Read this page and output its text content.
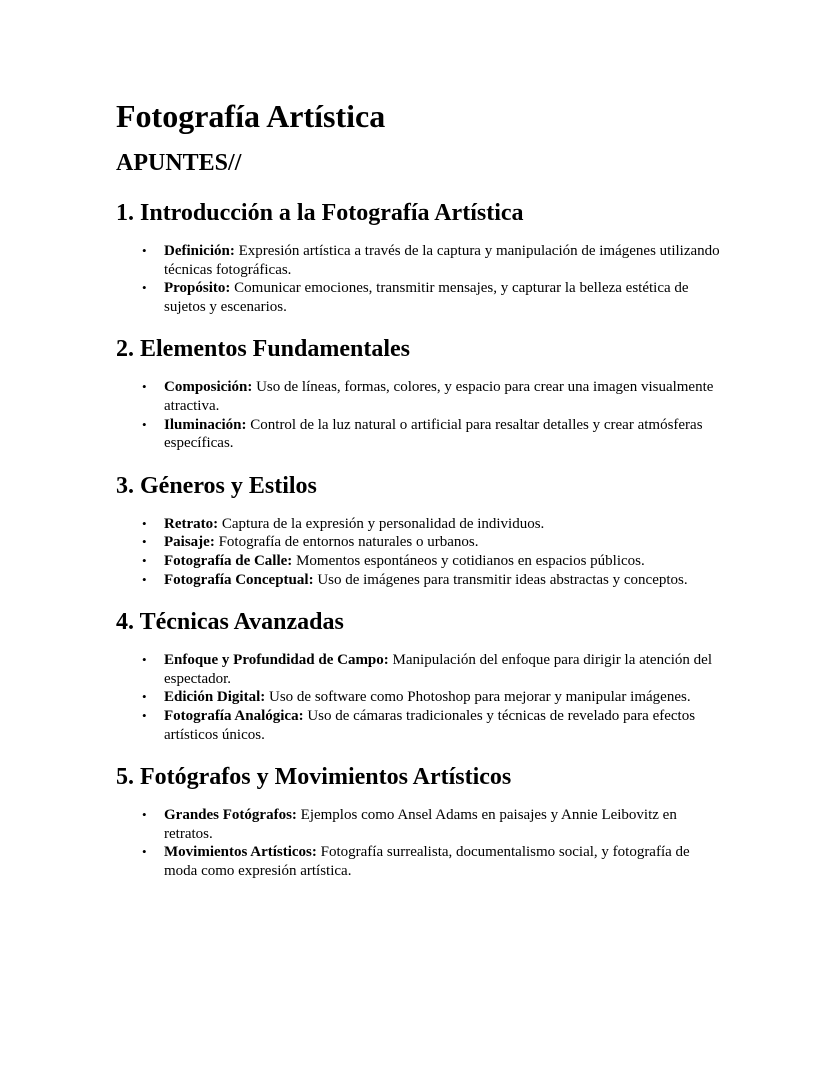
Fotografía Artística
APUNTES//
1. Introducción a la Fotografía Artística
• Definición: Expresión artística a través de la captura y manipulación de imágenes utilizando técnicas fotográficas.
• Propósito: Comunicar emociones, transmitir mensajes, y capturar la belleza estética de sujetos y escenarios.
2. Elementos Fundamentales
• Composición: Uso de líneas, formas, colores, y espacio para crear una imagen visualmente atractiva.
• Iluminación: Control de la luz natural o artificial para resaltar detalles y crear atmósferas específicas.
3. Géneros y Estilos
• Retrato: Captura de la expresión y personalidad de individuos.
• Paisaje: Fotografía de entornos naturales o urbanos.
• Fotografía de Calle: Momentos espontáneos y cotidianos en espacios públicos.
• Fotografía Conceptual: Uso de imágenes para transmitir ideas abstractas y conceptos.
4. Técnicas Avanzadas
• Enfoque y Profundidad de Campo: Manipulación del enfoque para dirigir la atención del espectador.
• Edición Digital: Uso de software como Photoshop para mejorar y manipular imágenes.
• Fotografía Analógica: Uso de cámaras tradicionales y técnicas de revelado para efectos artísticos únicos.
5. Fotógrafos y Movimientos Artísticos
• Grandes Fotógrafos: Ejemplos como Ansel Adams en paisajes y Annie Leibovitz en retratos.
• Movimientos Artísticos: Fotografía surrealista, documentalismo social, y fotografía de moda como expresión artística.
